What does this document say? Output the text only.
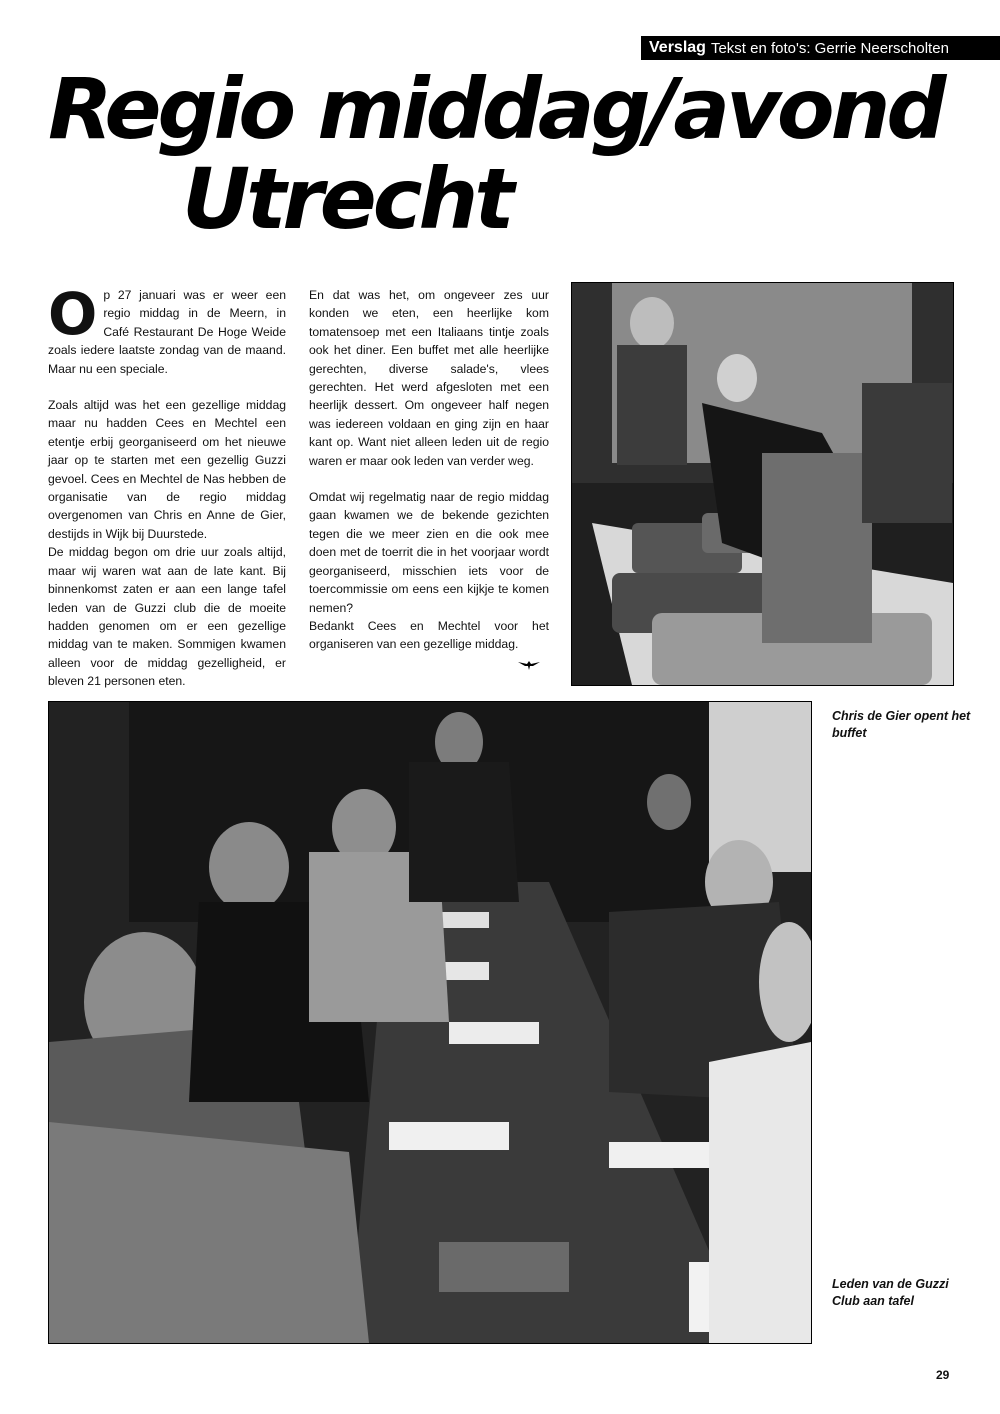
Verslag Tekst en foto's: Gerrie Neerscholten
Regio middag/avond
Utrecht

Op 27 januari was er weer een regio middag in de Meern, in Café Restaurant De Hoge Weide zoals iedere laatste zondag van de maand. Maar nu een speciale.

Zoals altijd was het een gezellige middag maar nu hadden Cees en Mechtel een etentje erbij georganiseerd om het nieuwe jaar op te starten met een gezellig Guzzi gevoel. Cees en Mechtel de Nas hebben de organisatie van de regio middag overgenomen van Chris en Anne de Gier, destijds in Wijk bij Duurstede.

De middag begon om drie uur zoals altijd, maar wij waren wat aan de late kant. Bij binnenkomst zaten er aan een lange tafel leden van de Guzzi club die de moeite hadden genomen om er een gezellige middag van te maken. Sommigen kwamen alleen voor de middag gezelligheid, er bleven 21 personen eten.

En dat was het, om ongeveer zes uur konden we eten, een heerlijke kom tomatensoep met een Italiaans tintje zoals ook het diner. Een buffet met alle heerlijke gerechten, diverse salade's, vlees gerechten. Het werd afgesloten met een heerlijk dessert. Om ongeveer half negen was iedereen voldaan en ging zijn en haar kant op. Want niet alleen leden uit de regio waren er maar ook leden van verder weg.

Omdat wij regelmatig naar de regio middag gaan kwamen we de bekende gezichten tegen die we meer zien en die ook mee doen met de toerrit die in het voorjaar wordt georganiseerd, misschien iets voor de toercommissie om eens een kijkje te komen nemen?

Bedankt Cees en Mechtel voor het organiseren van een gezellige middag.

Chris de Gier opent het buffet
Leden van de Guzzi Club aan tafel
29
